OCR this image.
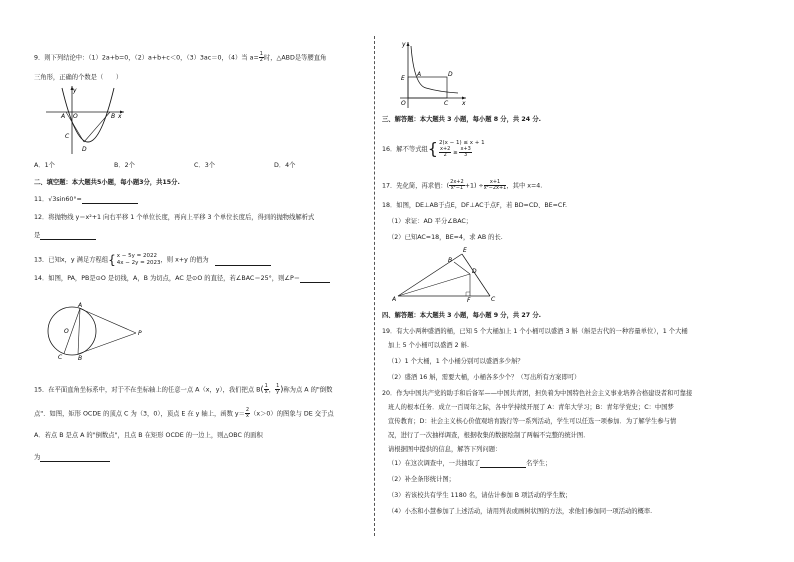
9．则下列结论中：（1）2a+b=0，（2）a+b+c＜0，（3）3ac＝0，（4）当 $a= \frac{1}{2}$ 时，△ABD是等腰直角
三角形，正确的个数是（　　）
y
O
A	B x
C
D
A．1个	B．2个	C．3个	D．4个
二、填空题：本大题共5小题，每小题3分，共15分.
11．√3sin60°=
12．将抛物线 y＝x²+1 向右平移 1 个单位长度，再向上平移 3 个单位长度后，得到的抛物线解析式
是
13．已知x，y 满足方程组{ x − 5y = 2022
4x − 2y = 2023 ，则 x+y 的值为
14．如图，PA，PB是⊙O 是切线，A，B 为切点，AC 是⊙O 的直径，若∠BAC＝25°，则∠P＝
A
O
C	B
P
15．在平面直角坐标系中，对于不在坐标轴上的任意一点 A（x，y），我们把点 $B( \frac{1}{x}$ ， $\frac{1}{y}$ )称为点 A 的"倒数
点"．如图，矩形 OCDE 的顶点 C 为（3，0），顶点 E 在 y 轴上，函数 $y= \frac{2}{x} (x>0)$的图象与 DE 交于点
A．若点 B 是点 A 的"倒数点"，且点 B 在矩形 OCDE 的一边上，则△OBC 的面积
为
y
E
A	D
O	C x
三、解答题：本大题共 3 小题，每小题 8 分，共 24 分.
16．解不等式组{ 2(x − 1) ≤ x + 1
$\frac{x+2}{2} \ge \frac{x+3}{3}$
17．先化简，再求值：( $\frac{2x+2}{\text{x²−1}} +1) \div \frac{x+1}{\text{x²−2x+1}}$ ，其中 x=4.
18．如图，DE⊥AB于点E，DF⊥AC于点F，若 BD=CD、BE=CF.
（1）求证：AD 平分∠BAC；
（2）已知AC=18，BE=4，求 AB 的长.
E
B
D
A	F	C
四、解答题：本大题共 3 小题，每小题 9 分，共 27 分.
19．有大小两种盛酒的桶，已知 5 个大桶加上 1 个小桶可以盛酒 3 斛（斛是古代的一种容量单位），1 个大桶
加上 5 个小桶可以盛酒 2 斛.
（1）1 个大桶，1 个小桶分别可以盛酒多少斛？
（2）盛酒 16 斛，需要大桶，小桶各多少个？（写出所有方案即可）
20．作为中国共产党的助手和后备军——中国共青团，担负着为中国特色社会主义事业培养合格建设者和可靠接
班人的根本任务．成立一百周年之际，各中学持续开展了 A：青年大学习；B：青年学党史；C：中国梦
宣传教育；D：社会主义核心价值观培育践行等一系列活动，学生可以任选一项参加．为了解学生参与情
况，进行了一次抽样调查，根据收集的数据绘制了两幅不完整的统计图．
请根据图中提供的信息，解答下列问题：
（1）在这次调查中，一共抽取了	名学生；
（2）补全条形统计图；
（3）若该校共有学生 1180 名，请估计参加 B 项活动的学生数；
（4）小杰和小慧参加了上述活动，请用列表或画树状图的方法，求他们参加同一项活动的概率.
